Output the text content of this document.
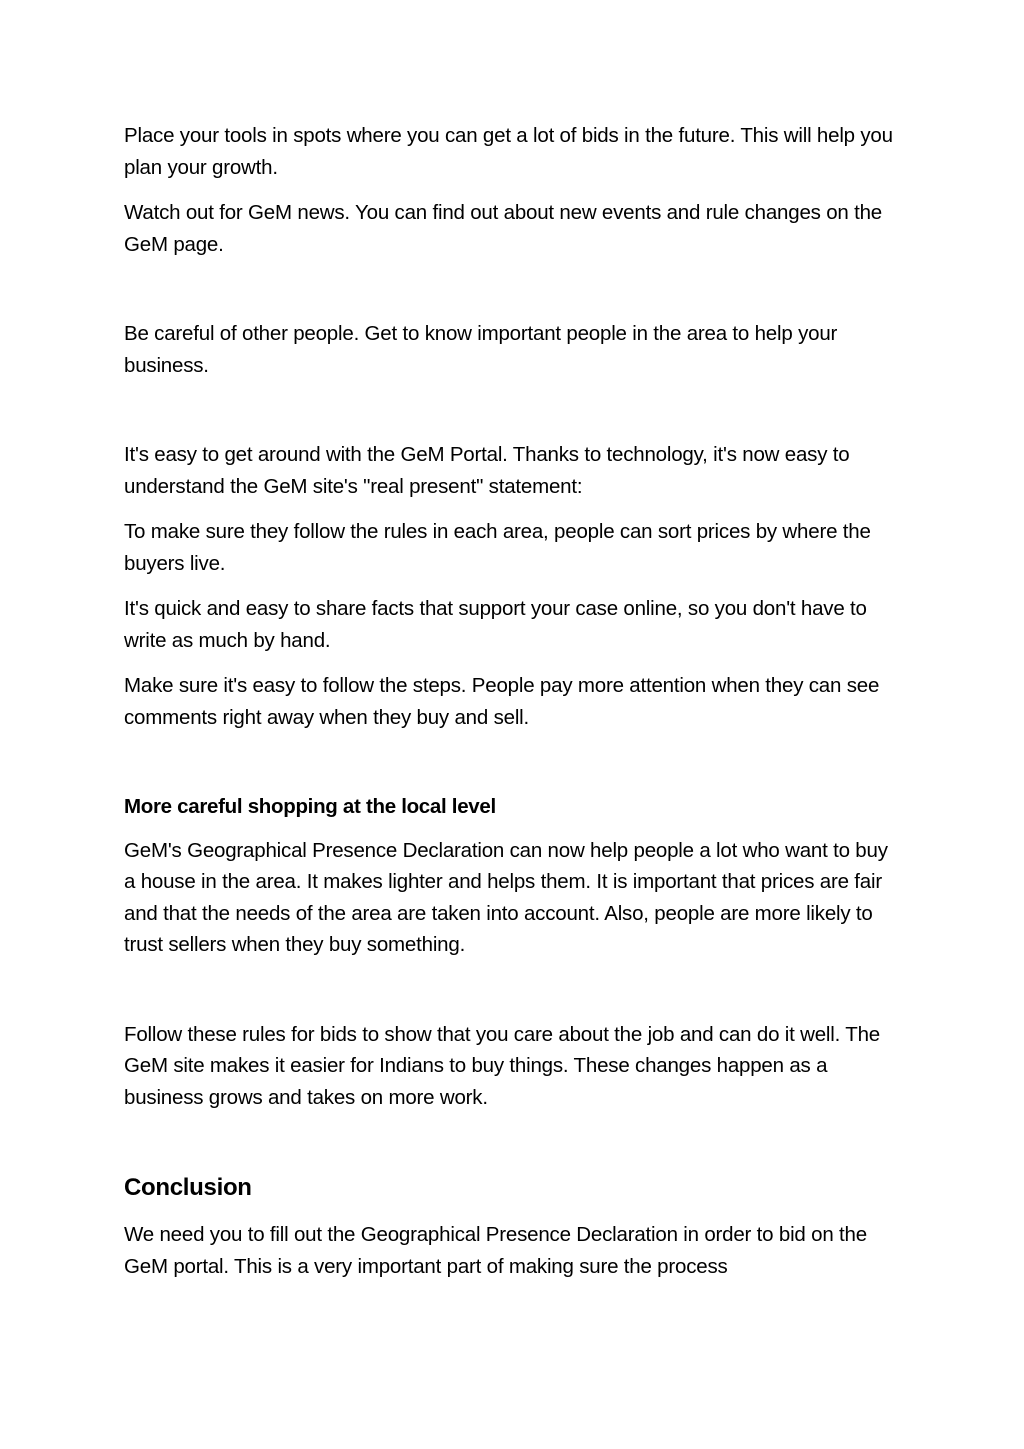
Place your tools in spots where you can get a lot of bids in the future. This will help you plan your growth.

Watch out for GeM news. You can find out about new events and rule changes on the GeM page.

Be careful of other people. Get to know important people in the area to help your business.

It's easy to get around with the GeM Portal. Thanks to technology, it's now easy to understand the GeM site's "real present" statement:

To make sure they follow the rules in each area, people can sort prices by where the buyers live.

It's quick and easy to share facts that support your case online, so you don't have to write as much by hand.

Make sure it's easy to follow the steps. People pay more attention when they can see comments right away when they buy and sell.

More careful shopping at the local level

GeM's Geographical Presence Declaration can now help people a lot who want to buy a house in the area. It makes lighter and helps them. It is important that prices are fair and that the needs of the area are taken into account. Also, people are more likely to trust sellers when they buy something.

Follow these rules for bids to show that you care about the job and can do it well. The GeM site makes it easier for Indians to buy things. These changes happen as a business grows and takes on more work.

Conclusion

We need you to fill out the Geographical Presence Declaration in order to bid on the GeM portal. This is a very important part of making sure the process
